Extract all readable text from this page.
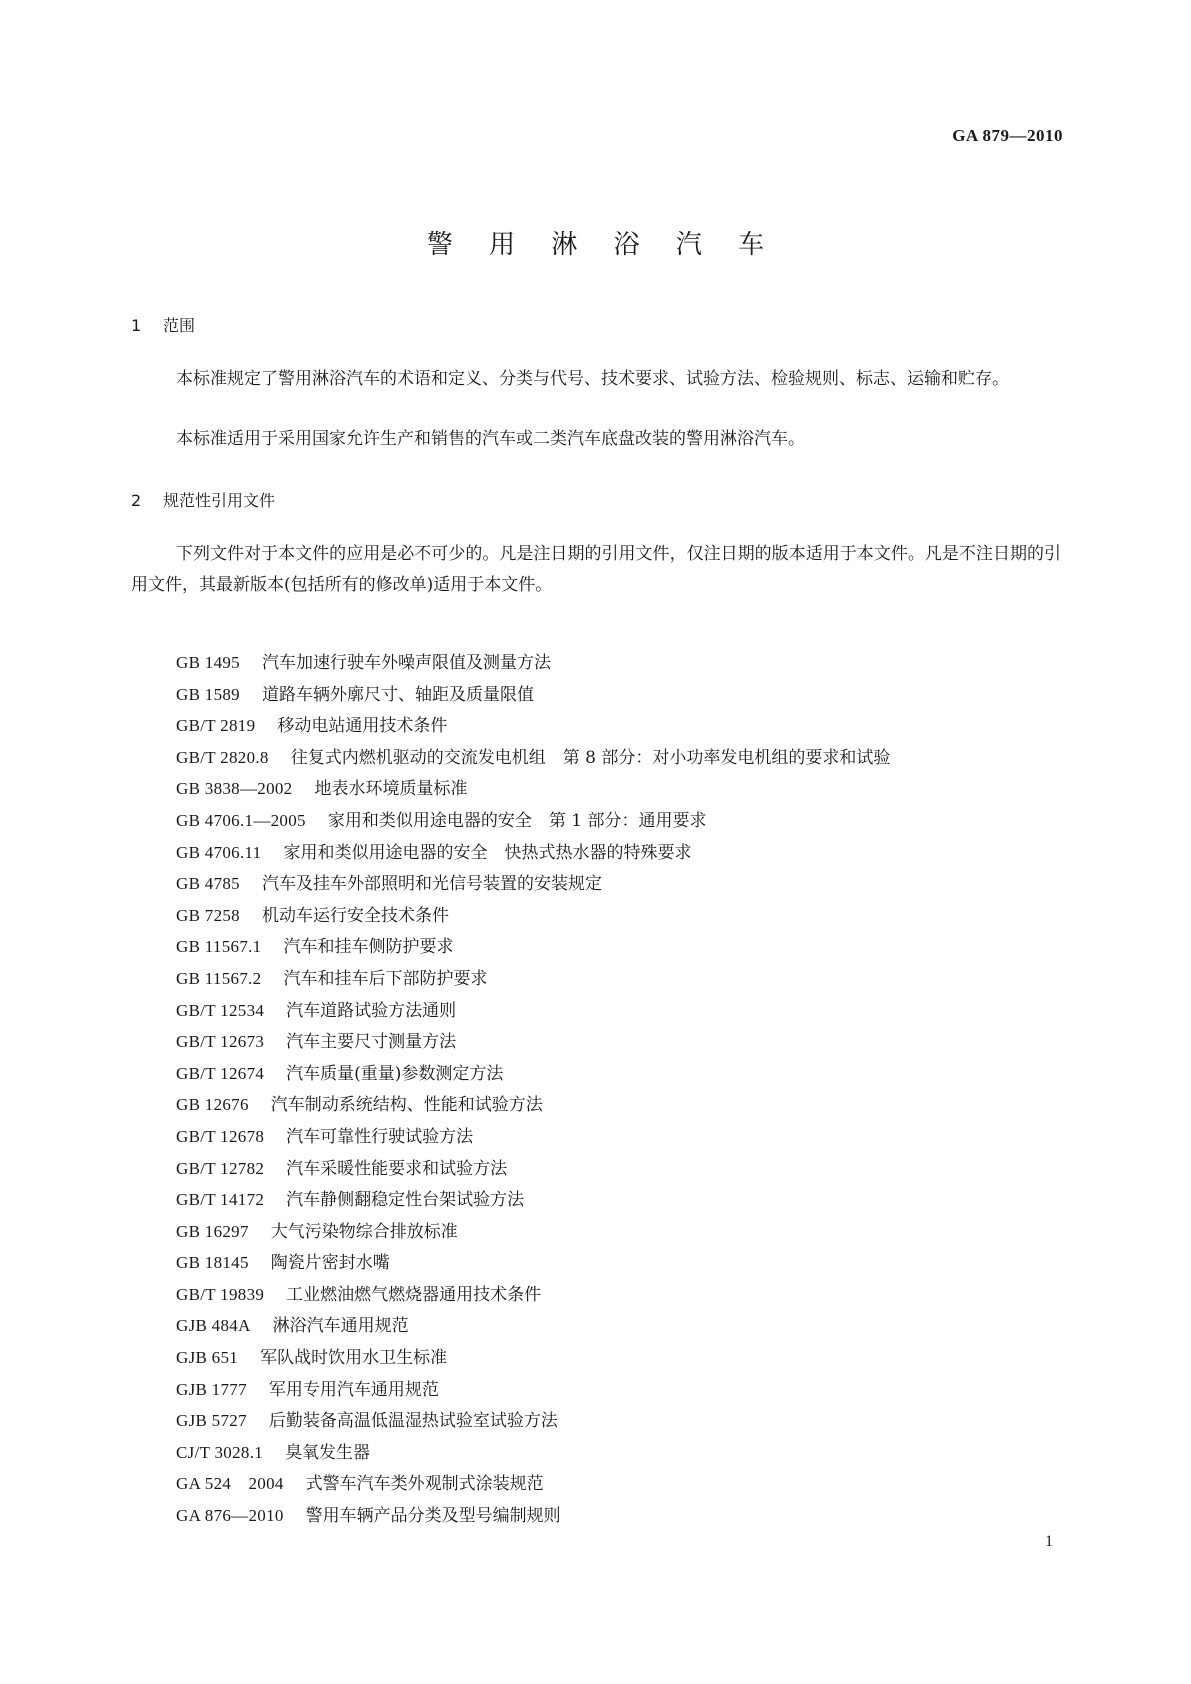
GA 879—2010
警 用 淋 浴 汽 车
1 范围
本标准规定了警用淋浴汽车的术语和定义、分类与代号、技术要求、试验方法、检验规则、标志、运输和贮存。
本标准适用于采用国家允许生产和销售的汽车或二类汽车底盘改装的警用淋浴汽车。
2 规范性引用文件
下列文件对于本文件的应用是必不可少的。凡是注日期的引用文件，仅注日期的版本适用于本文件。凡是不注日期的引用文件，其最新版本(包括所有的修改单)适用于本文件。
GB 1495 汽车加速行驶车外噪声限值及测量方法
GB 1589 道路车辆外廓尺寸、轴距及质量限值
GB/T 2819 移动电站通用技术条件
GB/T 2820.8 往复式内燃机驱动的交流发电机组　第 8 部分：对小功率发电机组的要求和试验
GB 3838—2002 地表水环境质量标准
GB 4706.1—2005 家用和类似用途电器的安全　第 1 部分：通用要求
GB 4706.11 家用和类似用途电器的安全　快热式热水器的特殊要求
GB 4785 汽车及挂车外部照明和光信号装置的安装规定
GB 7258 机动车运行安全技术条件
GB 11567.1 汽车和挂车侧防护要求
GB 11567.2 汽车和挂车后下部防护要求
GB/T 12534 汽车道路试验方法通则
GB/T 12673 汽车主要尺寸测量方法
GB/T 12674 汽车质量(重量)参数测定方法
GB 12676 汽车制动系统结构、性能和试验方法
GB/T 12678 汽车可靠性行驶试验方法
GB/T 12782 汽车采暖性能要求和试验方法
GB/T 14172 汽车静侧翻稳定性台架试验方法
GB 16297 大气污染物综合排放标准
GB 18145 陶瓷片密封水嘴
GB/T 19839 工业燃油燃气燃烧器通用技术条件
GJB 484A 淋浴汽车通用规范
GJB 651 军队战时饮用水卫生标准
GJB 1777 军用专用汽车通用规范
GJB 5727 后勤装备高温低温湿热试验室试验方法
CJ/T 3028.1 臭氧发生器
GA 524　2004 式警车汽车类外观制式涂装规范
GA 876—2010 警用车辆产品分类及型号编制规则
1
